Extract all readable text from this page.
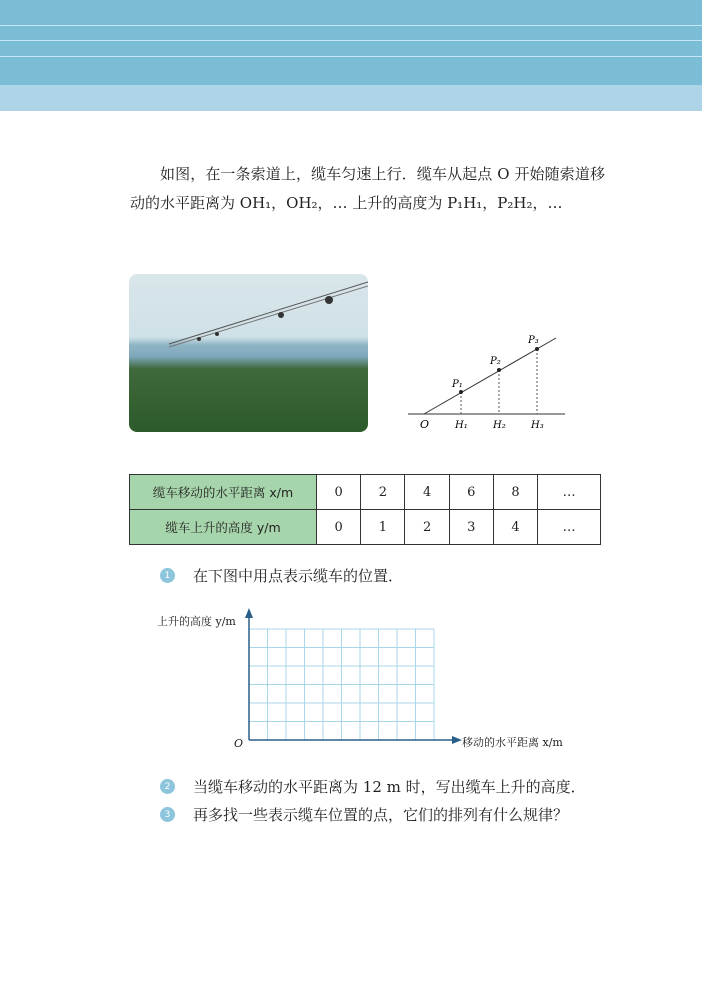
如图，在一条索道上，缆车匀速上行．缆车从起点 O 开始随索道移动的水平距离为 OH₁，OH₂，… 上升的高度为 P₁H₁，P₂H₂，…
O
P₁
P₂
P₃
H₁	H₂	H₃
缆车移动的水平距离 x/m	0	2	4	6	8	…
缆车上升的高度 y/m	0	1	2	3	4	…
1	在下图中用点表示缆车的位置．
上升的高度 y/m
移动的水平距离 x/m
O
2	当缆车移动的水平距离为 12 m 时，写出缆车上升的高度．
3	再多找一些表示缆车位置的点，它们的排列有什么规律？
